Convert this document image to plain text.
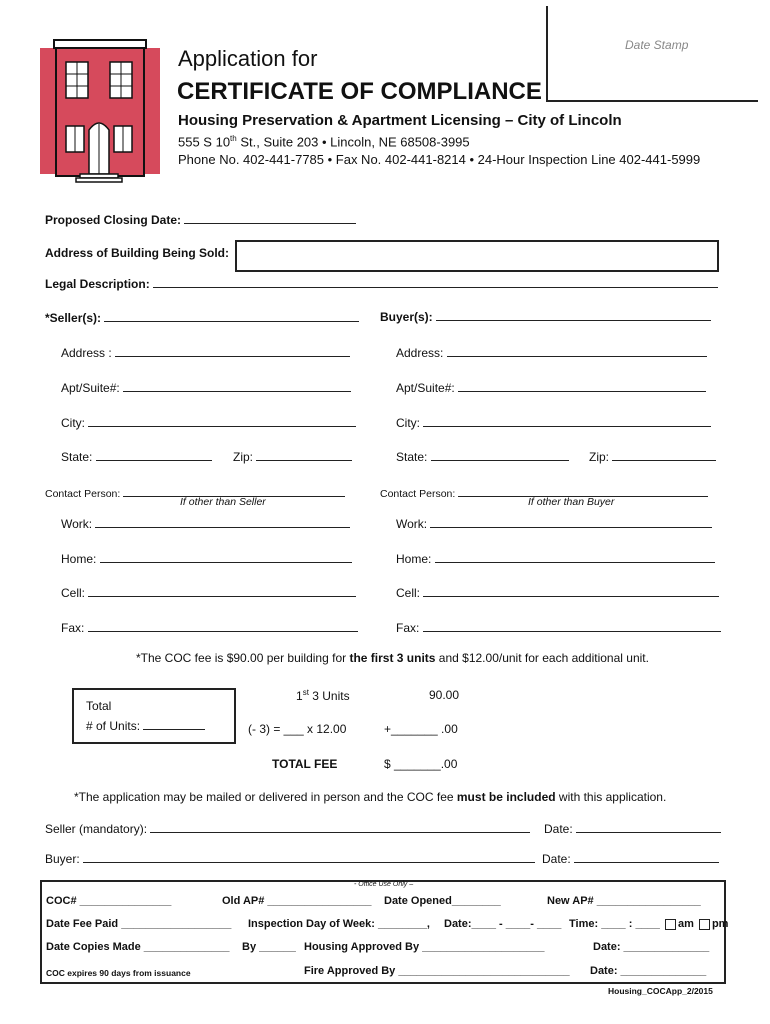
Application for
CERTIFICATE OF COMPLIANCE
Housing Preservation & Apartment Licensing – City of Lincoln
555 S 10th St., Suite 203 • Lincoln, NE 68508-3995
Phone No. 402-441-7785 • Fax No. 402-441-8214 • 24-Hour Inspection Line 402-441-5999
Date Stamp
Proposed Closing Date:
Address of Building Being Sold:
Legal Description:
*Seller(s):	Buyer(s):
Address :
Apt/Suite#:
City:
State:	Zip:
Contact Person:
If other than Seller
Work:
Home:
Cell:
Fax:
Address:
Apt/Suite#:
City:
State:	Zip:
Contact Person:
If other than Buyer
Work:
Home:
Cell:
Fax:
*The COC fee is $90.00 per building for the first 3 units and $12.00/unit for each additional unit.
Total
# of Units:
1st 3 Units	90.00
(- 3) = ___ x 12.00	+_______ .00
TOTAL FEE	$ _______.00
*The application may be mailed or delivered in person and the COC fee must be included with this application.
Seller (mandatory):	Date:
Buyer:	Date:
- Office Use Only –
COC# _______________	Old AP# _________________ Date Opened________	New AP# _________________
Date Fee Paid __________________ Inspection Day of Week: ________, Date:____ - ____- ____ Time: ____ : ____ am pm
Date Copies Made ______________ By ______ Housing Approved By ____________________	Date: ______________
COC expires 90 days from issuance	Fire Approved By ____________________________ Date: ______________
Housing_COCApp_2/2015
